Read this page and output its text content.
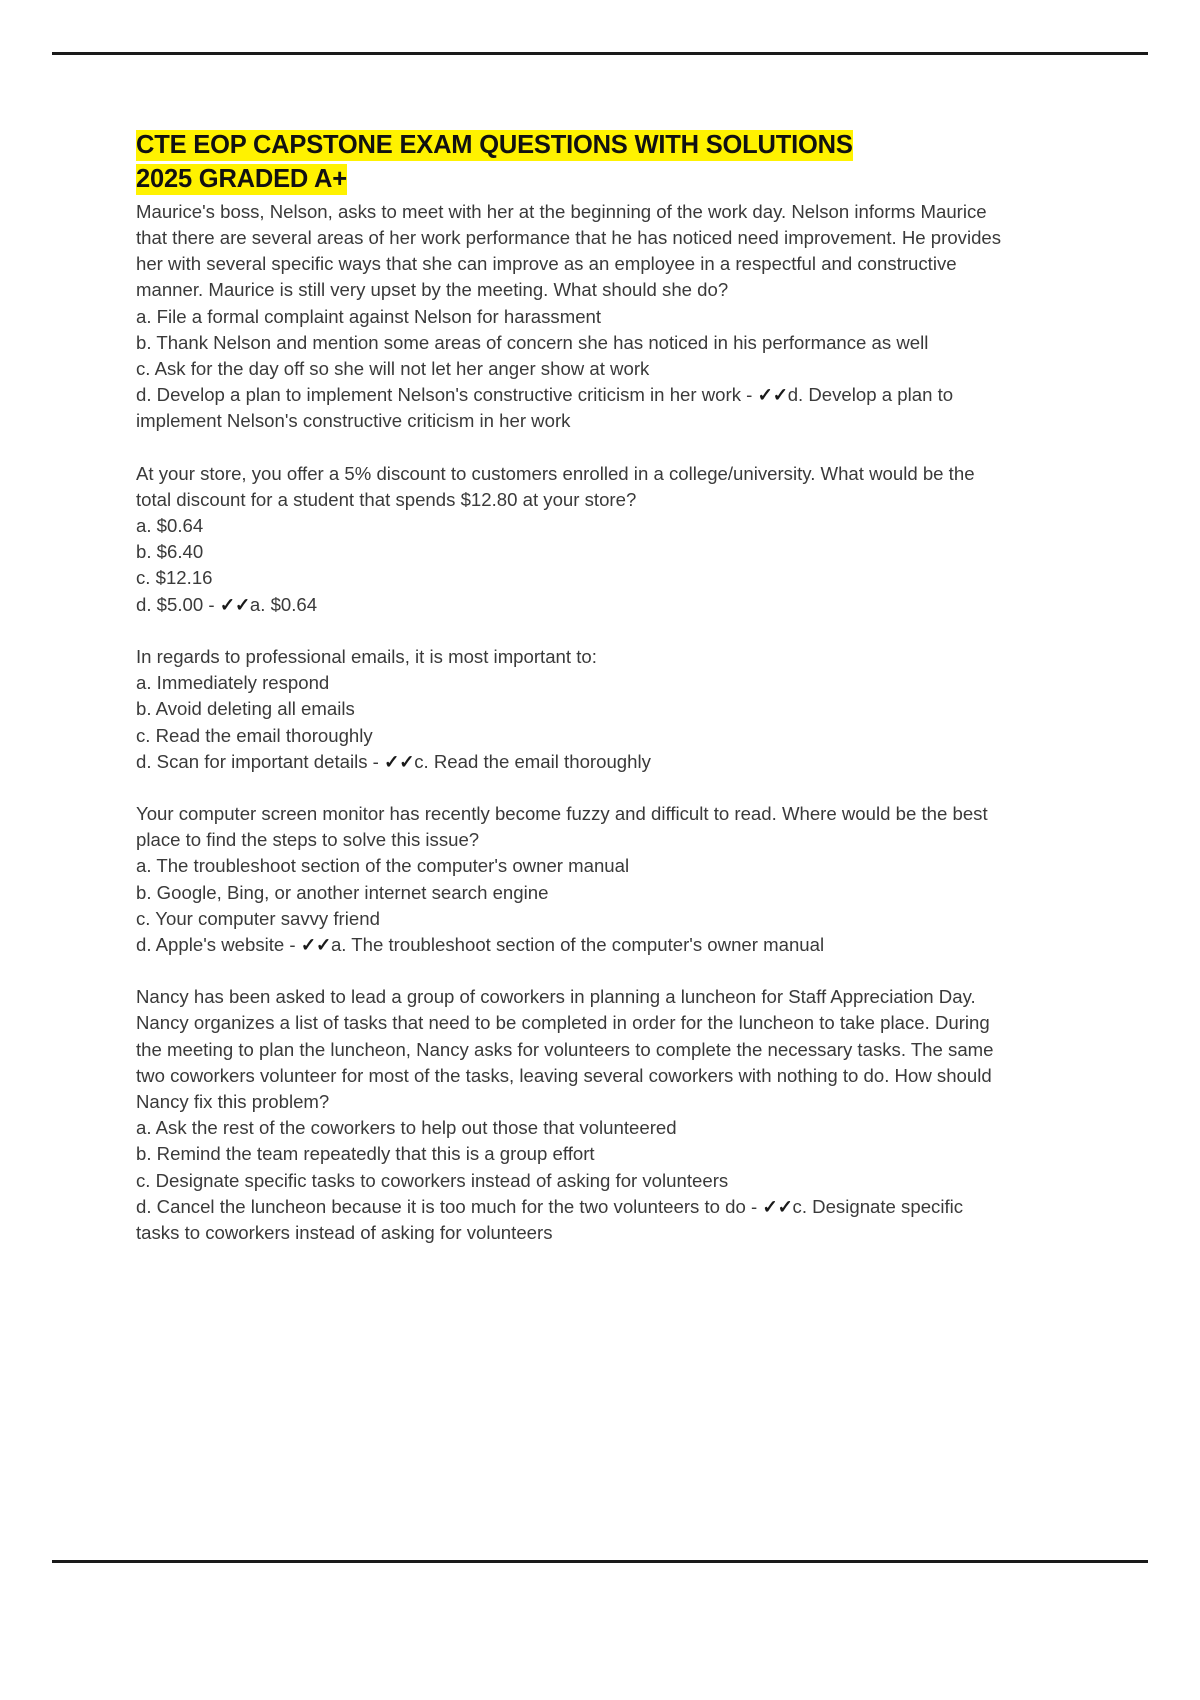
CTE EOP CAPSTONE EXAM QUESTIONS WITH SOLUTIONS
2025 GRADED A+

Maurice's boss, Nelson, asks to meet with her at the beginning of the work day. Nelson informs Maurice that there are several areas of her work performance that he has noticed need improvement. He provides her with several specific ways that she can improve as an employee in a respectful and constructive manner. Maurice is still very upset by the meeting. What should she do?

a. File a formal complaint against Nelson for harassment

b. Thank Nelson and mention some areas of concern she has noticed in his performance as well

c. Ask for the day off so she will not let her anger show at work

d. Develop a plan to implement Nelson's constructive criticism in her work - ✓✓d. Develop a plan to implement Nelson's constructive criticism in her work

At your store, you offer a 5% discount to customers enrolled in a college/university. What would be the total discount for a student that spends $12.80 at your store?

a. $0.64

b. $6.40

c. $12.16

d. $5.00 - ✓✓a. $0.64

In regards to professional emails, it is most important to:

a. Immediately respond

b. Avoid deleting all emails

c. Read the email thoroughly

d. Scan for important details - ✓✓c. Read the email thoroughly

Your computer screen monitor has recently become fuzzy and difficult to read. Where would be the best place to find the steps to solve this issue?

a. The troubleshoot section of the computer's owner manual

b. Google, Bing, or another internet search engine

c. Your computer savvy friend

d. Apple's website - ✓✓a. The troubleshoot section of the computer's owner manual

Nancy has been asked to lead a group of coworkers in planning a luncheon for Staff Appreciation Day. Nancy organizes a list of tasks that need to be completed in order for the luncheon to take place. During the meeting to plan the luncheon, Nancy asks for volunteers to complete the necessary tasks. The same two coworkers volunteer for most of the tasks, leaving several coworkers with nothing to do. How should Nancy fix this problem?

a. Ask the rest of the coworkers to help out those that volunteered

b. Remind the team repeatedly that this is a group effort

c. Designate specific tasks to coworkers instead of asking for volunteers

d. Cancel the luncheon because it is too much for the two volunteers to do - ✓✓c. Designate specific tasks to coworkers instead of asking for volunteers
